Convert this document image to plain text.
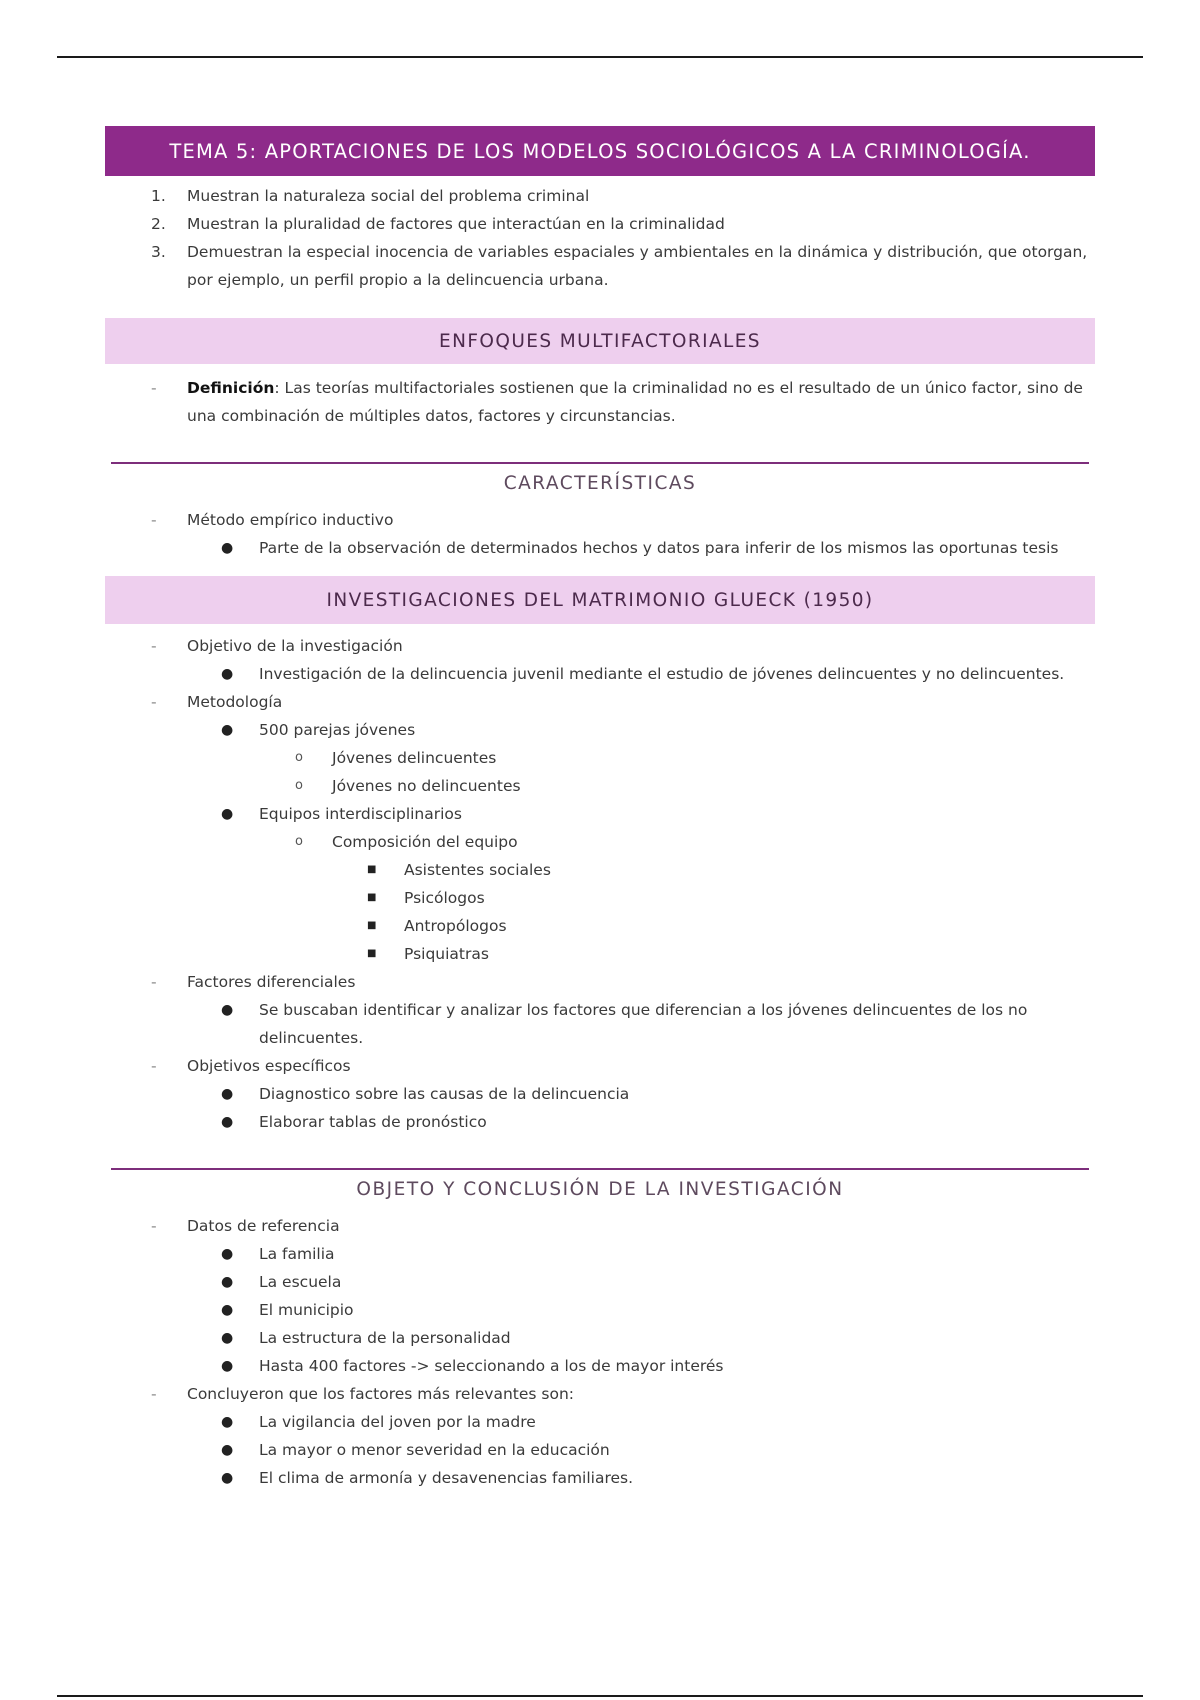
TEMA 5: APORTACIONES DE LOS MODELOS SOCIOLÓGICOS A LA CRIMINOLOGÍA.
1.	Muestran la naturaleza social del problema criminal
2.	Muestran la pluralidad de factores que interactúan en la criminalidad
3.	Demuestran la especial inocencia de variables espaciales y ambientales en la dinámica y distribución, que otorgan, por ejemplo, un perfil propio a la delincuencia urbana.
ENFOQUES MULTIFACTORIALES
- Definición: Las teorías multifactoriales sostienen que la criminalidad no es el resultado de un único factor, sino de una combinación de múltiples datos, factores y circunstancias.
CARACTERÍSTICAS
- Método empírico inductivo
● Parte de la observación de determinados hechos y datos para inferir de los mismos las oportunas tesis
INVESTIGACIONES DEL MATRIMONIO GLUECK (1950)
- Objetivo de la investigación
● Investigación de la delincuencia juvenil mediante el estudio de jóvenes delincuentes y no delincuentes.
- Metodología
● 500 parejas jóvenes
o Jóvenes delincuentes
o Jóvenes no delincuentes
● Equipos interdisciplinarios
o Composición del equipo
■ Asistentes sociales
■ Psicólogos
■ Antropólogos
■ Psiquiatras
- Factores diferenciales
● Se buscaban identificar y analizar los factores que diferencian a los jóvenes delincuentes de los no delincuentes.
- Objetivos específicos
● Diagnostico sobre las causas de la delincuencia
● Elaborar tablas de pronóstico
OBJETO Y CONCLUSIÓN DE LA INVESTIGACIÓN
- Datos de referencia
● La familia
● La escuela
● El municipio
● La estructura de la personalidad
● Hasta 400 factores -> seleccionando a los de mayor interés
- Concluyeron que los factores más relevantes son:
● La vigilancia del joven por la madre
● La mayor o menor severidad en la educación
● El clima de armonía y desavenencias familiares.
